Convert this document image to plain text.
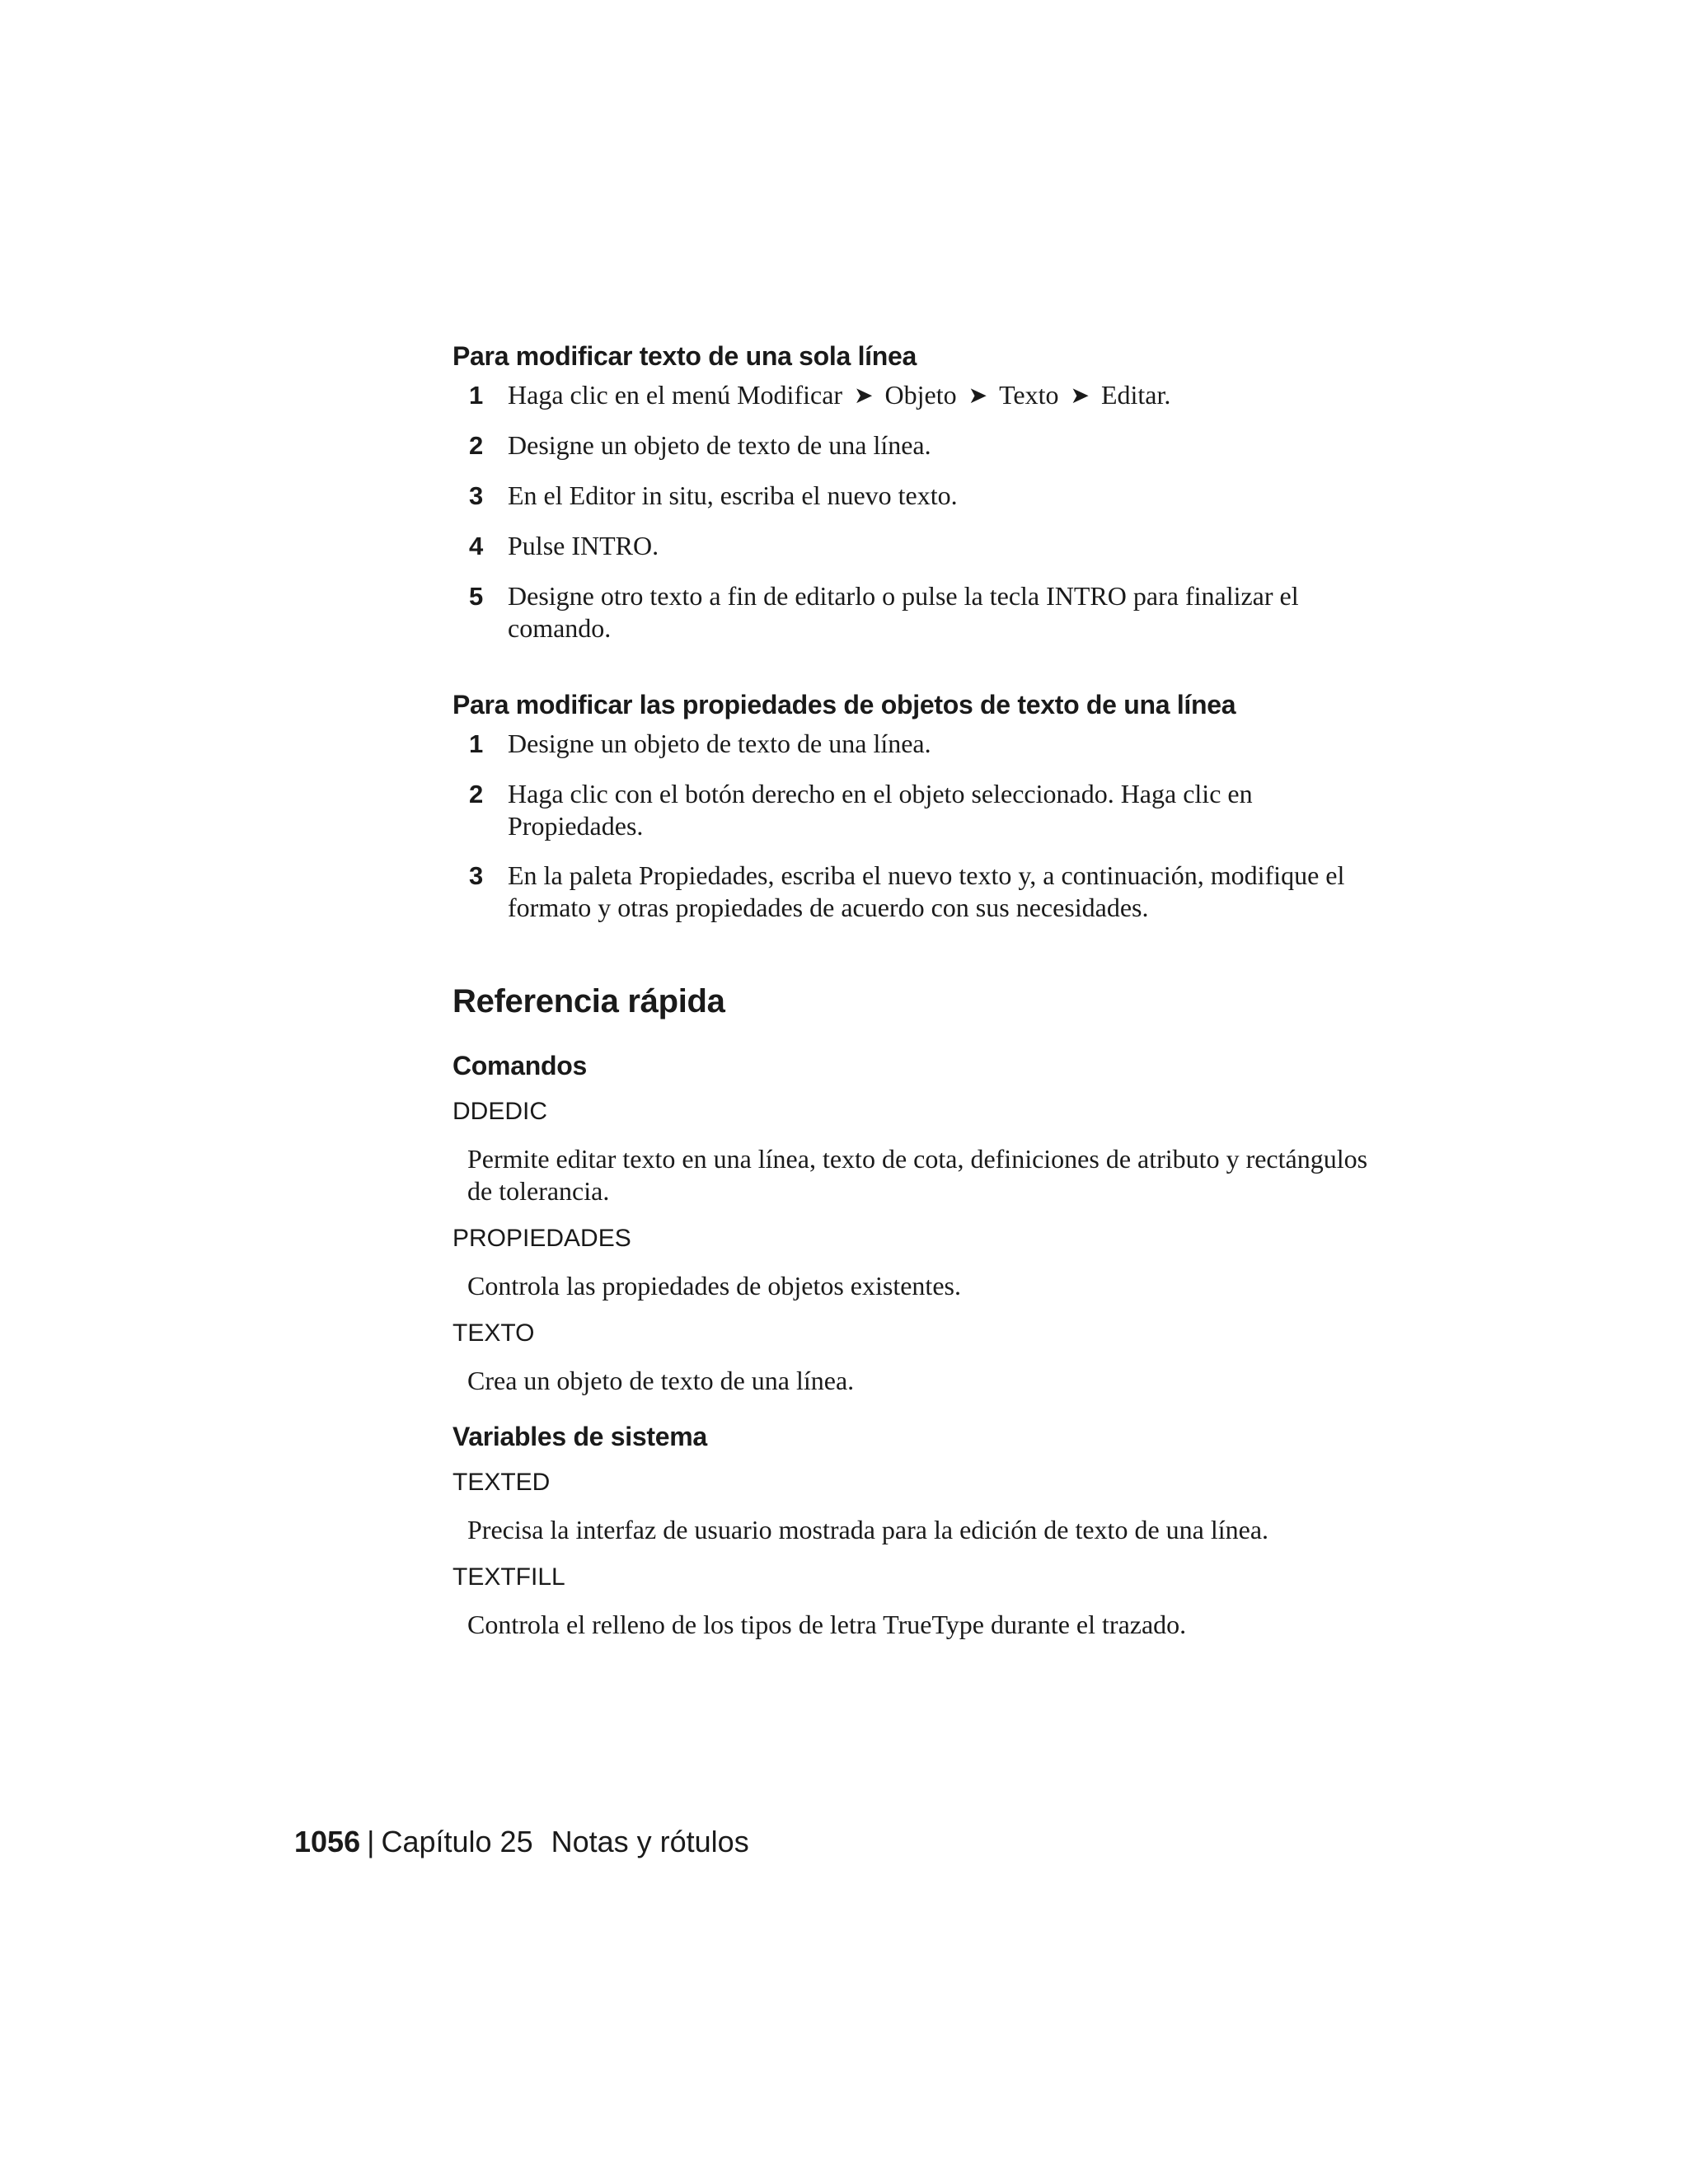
Para modificar texto de una sola línea
1 Haga clic en el menú Modificar ➤ Objeto ➤ Texto ➤ Editar.
2 Designe un objeto de texto de una línea.
3 En el Editor in situ, escriba el nuevo texto.
4 Pulse INTRO.
5 Designe otro texto a fin de editarlo o pulse la tecla INTRO para finalizar el comando.
Para modificar las propiedades de objetos de texto de una línea
1 Designe un objeto de texto de una línea.
2 Haga clic con el botón derecho en el objeto seleccionado. Haga clic en Propiedades.
3 En la paleta Propiedades, escriba el nuevo texto y, a continuación, modifique el formato y otras propiedades de acuerdo con sus necesidades.
Referencia rápida
Comandos

DDEDIC

Permite editar texto en una línea, texto de cota, definiciones de atributo y rectángulos de tolerancia.

PROPIEDADES

Controla las propiedades de objetos existentes.

TEXTO

Crea un objeto de texto de una línea.

Variables de sistema

TEXTED

Precisa la interfaz de usuario mostrada para la edición de texto de una línea.

TEXTFILL

Controla el relleno de los tipos de letra TrueType durante el trazado.

1056 | Capítulo 25 Notas y rótulos
